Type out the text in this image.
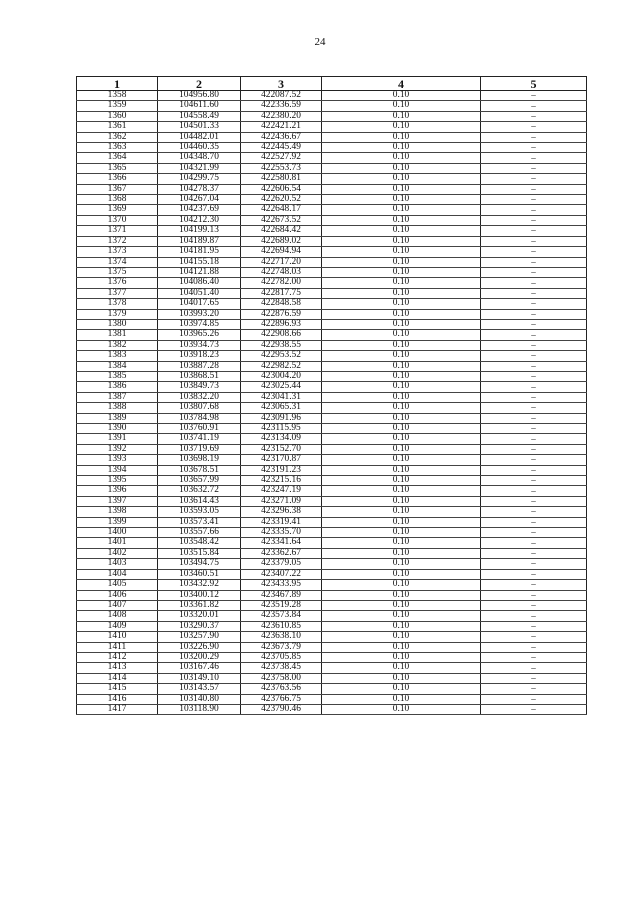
24
1	2	3	4	5
1358	104956.80	422087.52	0.10	–
1359	104611.60	422336.59	0.10	–
1360	104558.49	422380.20	0.10	–
1361	104501.33	422421.21	0.10	–
1362	104482.01	422436.67	0.10	–
1363	104460.35	422445.49	0.10	–
1364	104348.70	422527.92	0.10	–
1365	104321.99	422553.73	0.10	–
1366	104299.75	422580.81	0.10	–
1367	104278.37	422606.54	0.10	–
1368	104267.04	422620.52	0.10	–
1369	104237.69	422648.17	0.10	–
1370	104212.30	422673.52	0.10	–
1371	104199.13	422684.42	0.10	–
1372	104189.87	422689.02	0.10	–
1373	104181.95	422694.94	0.10	–
1374	104155.18	422717.20	0.10	–
1375	104121.88	422748.03	0.10	–
1376	104086.40	422782.00	0.10	–
1377	104051.40	422817.75	0.10	–
1378	104017.65	422848.58	0.10	–
1379	103993.20	422876.59	0.10	–
1380	103974.85	422896.93	0.10	–
1381	103965.26	422908.66	0.10	–
1382	103934.73	422938.55	0.10	–
1383	103918.23	422953.52	0.10	–
1384	103887.28	422982.52	0.10	–
1385	103868.51	423004.20	0.10	–
1386	103849.73	423025.44	0.10	–
1387	103832.20	423041.31	0.10	–
1388	103807.68	423065.31	0.10	–
1389	103784.98	423091.96	0.10	–
1390	103760.91	423115.95	0.10	–
1391	103741.19	423134.09	0.10	–
1392	103719.69	423152.70	0.10	–
1393	103698.19	423170.87	0.10	–
1394	103678.51	423191.23	0.10	–
1395	103657.99	423215.16	0.10	–
1396	103632.72	423247.19	0.10	–
1397	103614.43	423271.09	0.10	–
1398	103593.05	423296.38	0.10	–
1399	103573.41	423319.41	0.10	–
1400	103557.66	423335.70	0.10	–
1401	103548.42	423341.64	0.10	–
1402	103515.84	423362.67	0.10	–
1403	103494.75	423379.05	0.10	–
1404	103460.51	423407.22	0.10	–
1405	103432.92	423433.95	0.10	–
1406	103400.12	423467.89	0.10	–
1407	103361.82	423519.28	0.10	–
1408	103320.01	423573.84	0.10	–
1409	103290.37	423610.85	0.10	–
1410	103257.90	423638.10	0.10	–
1411	103226.90	423673.79	0.10	–
1412	103200.29	423705.85	0.10	–
1413	103167.46	423738.45	0.10	–
1414	103149.10	423758.00	0.10	–
1415	103143.57	423763.56	0.10	–
1416	103140.80	423766.75	0.10	–
1417	103118.90	423790.46	0.10	–
